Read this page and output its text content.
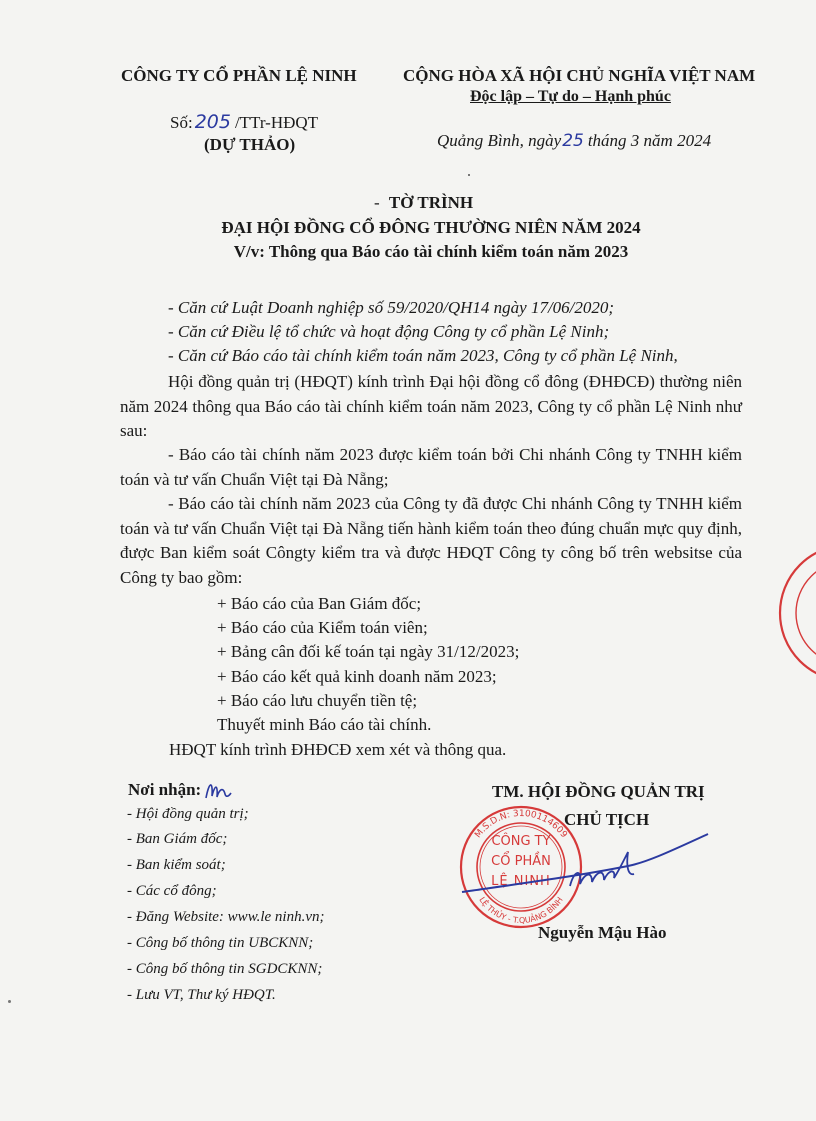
CÔNG TY CỔ PHẦN LỆ NINH
Số: 205 /TTr-HĐQT
(DỰ THẢO)
CỘNG HÒA XÃ HỘI CHỦ NGHĨA VIỆT NAM
Độc lập – Tự do – Hạnh phúc
Quảng Bình, ngày25 tháng 3 năm 2024
- TỜ TRÌNH
ĐẠI HỘI ĐỒNG CỔ ĐÔNG THƯỜNG NIÊN NĂM 2024
V/v: Thông qua Báo cáo tài chính kiểm toán năm 2023
- Căn cứ Luật Doanh nghiệp số 59/2020/QH14 ngày 17/06/2020;
- Căn cứ Điều lệ tổ chức và hoạt động Công ty cổ phần Lệ Ninh;
- Căn cứ Báo cáo tài chính kiểm toán năm 2023, Công ty cổ phần Lệ Ninh,
Hội đồng quản trị (HĐQT) kính trình Đại hội đồng cổ đông (ĐHĐCĐ) thường niên năm 2024 thông qua Báo cáo tài chính kiểm toán năm 2023, Công ty cổ phần Lệ Ninh như sau:
- Báo cáo tài chính năm 2023 được kiểm toán bởi Chi nhánh Công ty TNHH kiểm toán và tư vấn Chuẩn Việt tại Đà Nẵng;
- Báo cáo tài chính năm 2023 của Công ty đã được Chi nhánh Công ty TNHH kiểm toán và tư vấn Chuẩn Việt tại Đà Nẵng tiến hành kiểm toán theo đúng chuẩn mực quy định, được Ban kiểm soát Côngty kiểm tra và được HĐQT Công ty công bố trên websitse của Công ty bao gồm:
+ Báo cáo của Ban Giám đốc;
+ Báo cáo của Kiểm toán viên;
+ Bảng cân đối kế toán tại ngày 31/12/2023;
+ Báo cáo kết quả kinh doanh năm 2023;
+ Báo cáo lưu chuyển tiền tệ;
Thuyết minh Báo cáo tài chính.
HĐQT kính trình ĐHĐCĐ xem xét và thông qua.
Nơi nhận:
- Hội đồng quản trị;
- Ban Giám đốc;
- Ban kiểm soát;
- Các cổ đông;
- Đăng Website: www.le ninh.vn;
- Công bố thông tin UBCKNN;
- Công bố thông tin SGDCKNN;
- Lưu VT, Thư ký HĐQT.
TM. HỘI ĐỒNG QUẢN TRỊ
CHỦ TỊCH
M.S.D.N: 3100114609
LỆ THỦY - T.QUẢNG BÌNH
CÔNG TY
CỔ PHẦN
LỆ NINH
Nguyễn Mậu Hào
